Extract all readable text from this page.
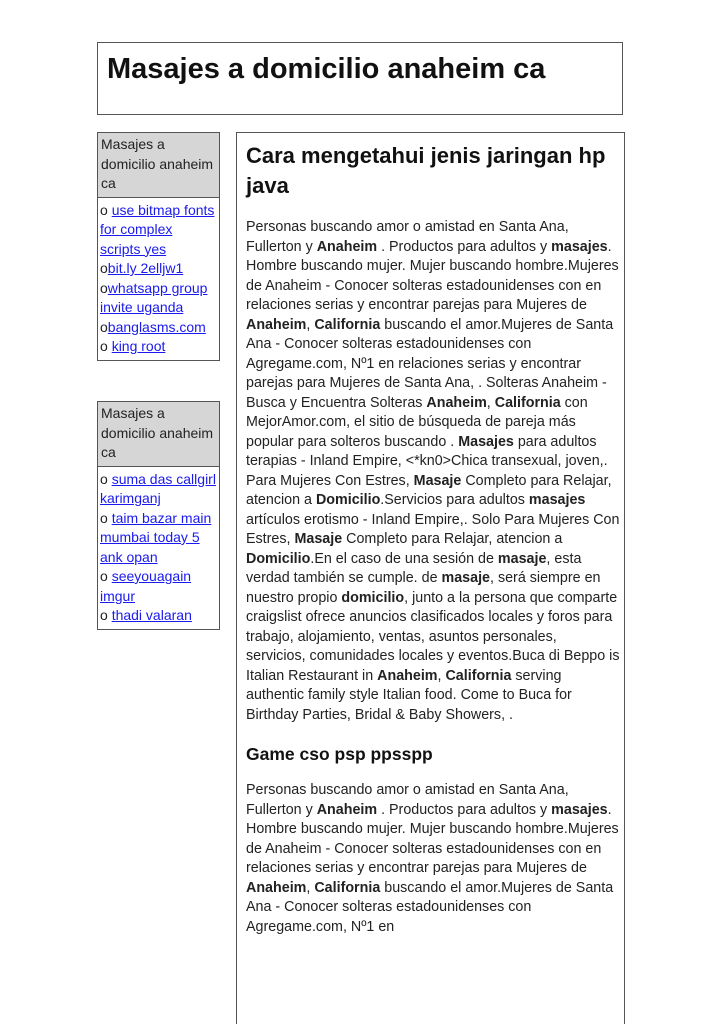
Masajes a domicilio anaheim ca
Masajes a domicilio anaheim ca
o use bitmap fonts for complex scripts yes
obit.ly 2elljw1
owhatsapp group invite uganda
obanglasms.com
o king root
Masajes a domicilio anaheim ca
o suma das callgirl karimganj
o taim bazar main mumbai today 5 ank opan
o seeyouagain imgur
o thadi valaran
Cara mengetahui jenis jaringan hp java
Personas buscando amor o amistad en Santa Ana, Fullerton y Anaheim . Productos para adultos y masajes. Hombre buscando mujer. Mujer buscando hombre.Mujeres de Anaheim - Conocer solteras estadounidenses con en relaciones serias y encontrar parejas para Mujeres de Anaheim, California buscando el amor.Mujeres de Santa Ana - Conocer solteras estadounidenses con Agregame.com, Nº1 en relaciones serias y encontrar parejas para Mujeres de Santa Ana, . Solteras Anaheim - Busca y Encuentra Solteras Anaheim, California con MejorAmor.com, el sitio de búsqueda de pareja más popular para solteros buscando . Masajes para adultos terapias - Inland Empire, <*kn0>Chica transexual, joven,. Para Mujeres Con Estres, Masaje Completo para Relajar, atencion a Domicilio.Servicios para adultos masajes artículos erotismo - Inland Empire,. Solo Para Mujeres Con Estres, Masaje Completo para Relajar, atencion a Domicilio.En el caso de una sesión de masaje, esta verdad también se cumple. de masaje, será siempre en nuestro propio domicilio, junto a la persona que comparte craigslist ofrece anuncios clasificados locales y foros para trabajo, alojamiento, ventas, asuntos personales, servicios, comunidades locales y eventos.Buca di Beppo is Italian Restaurant in Anaheim, California serving authentic family style Italian food. Come to Buca for Birthday Parties, Bridal & Baby Showers, .
Game cso psp ppsspp
Personas buscando amor o amistad en Santa Ana, Fullerton y Anaheim . Productos para adultos y masajes. Hombre buscando mujer. Mujer buscando hombre.Mujeres de Anaheim - Conocer solteras estadounidenses con en relaciones serias y encontrar parejas para Mujeres de Anaheim, California buscando el amor.Mujeres de Santa Ana - Conocer solteras estadounidenses con Agregame.com, Nº1 en
